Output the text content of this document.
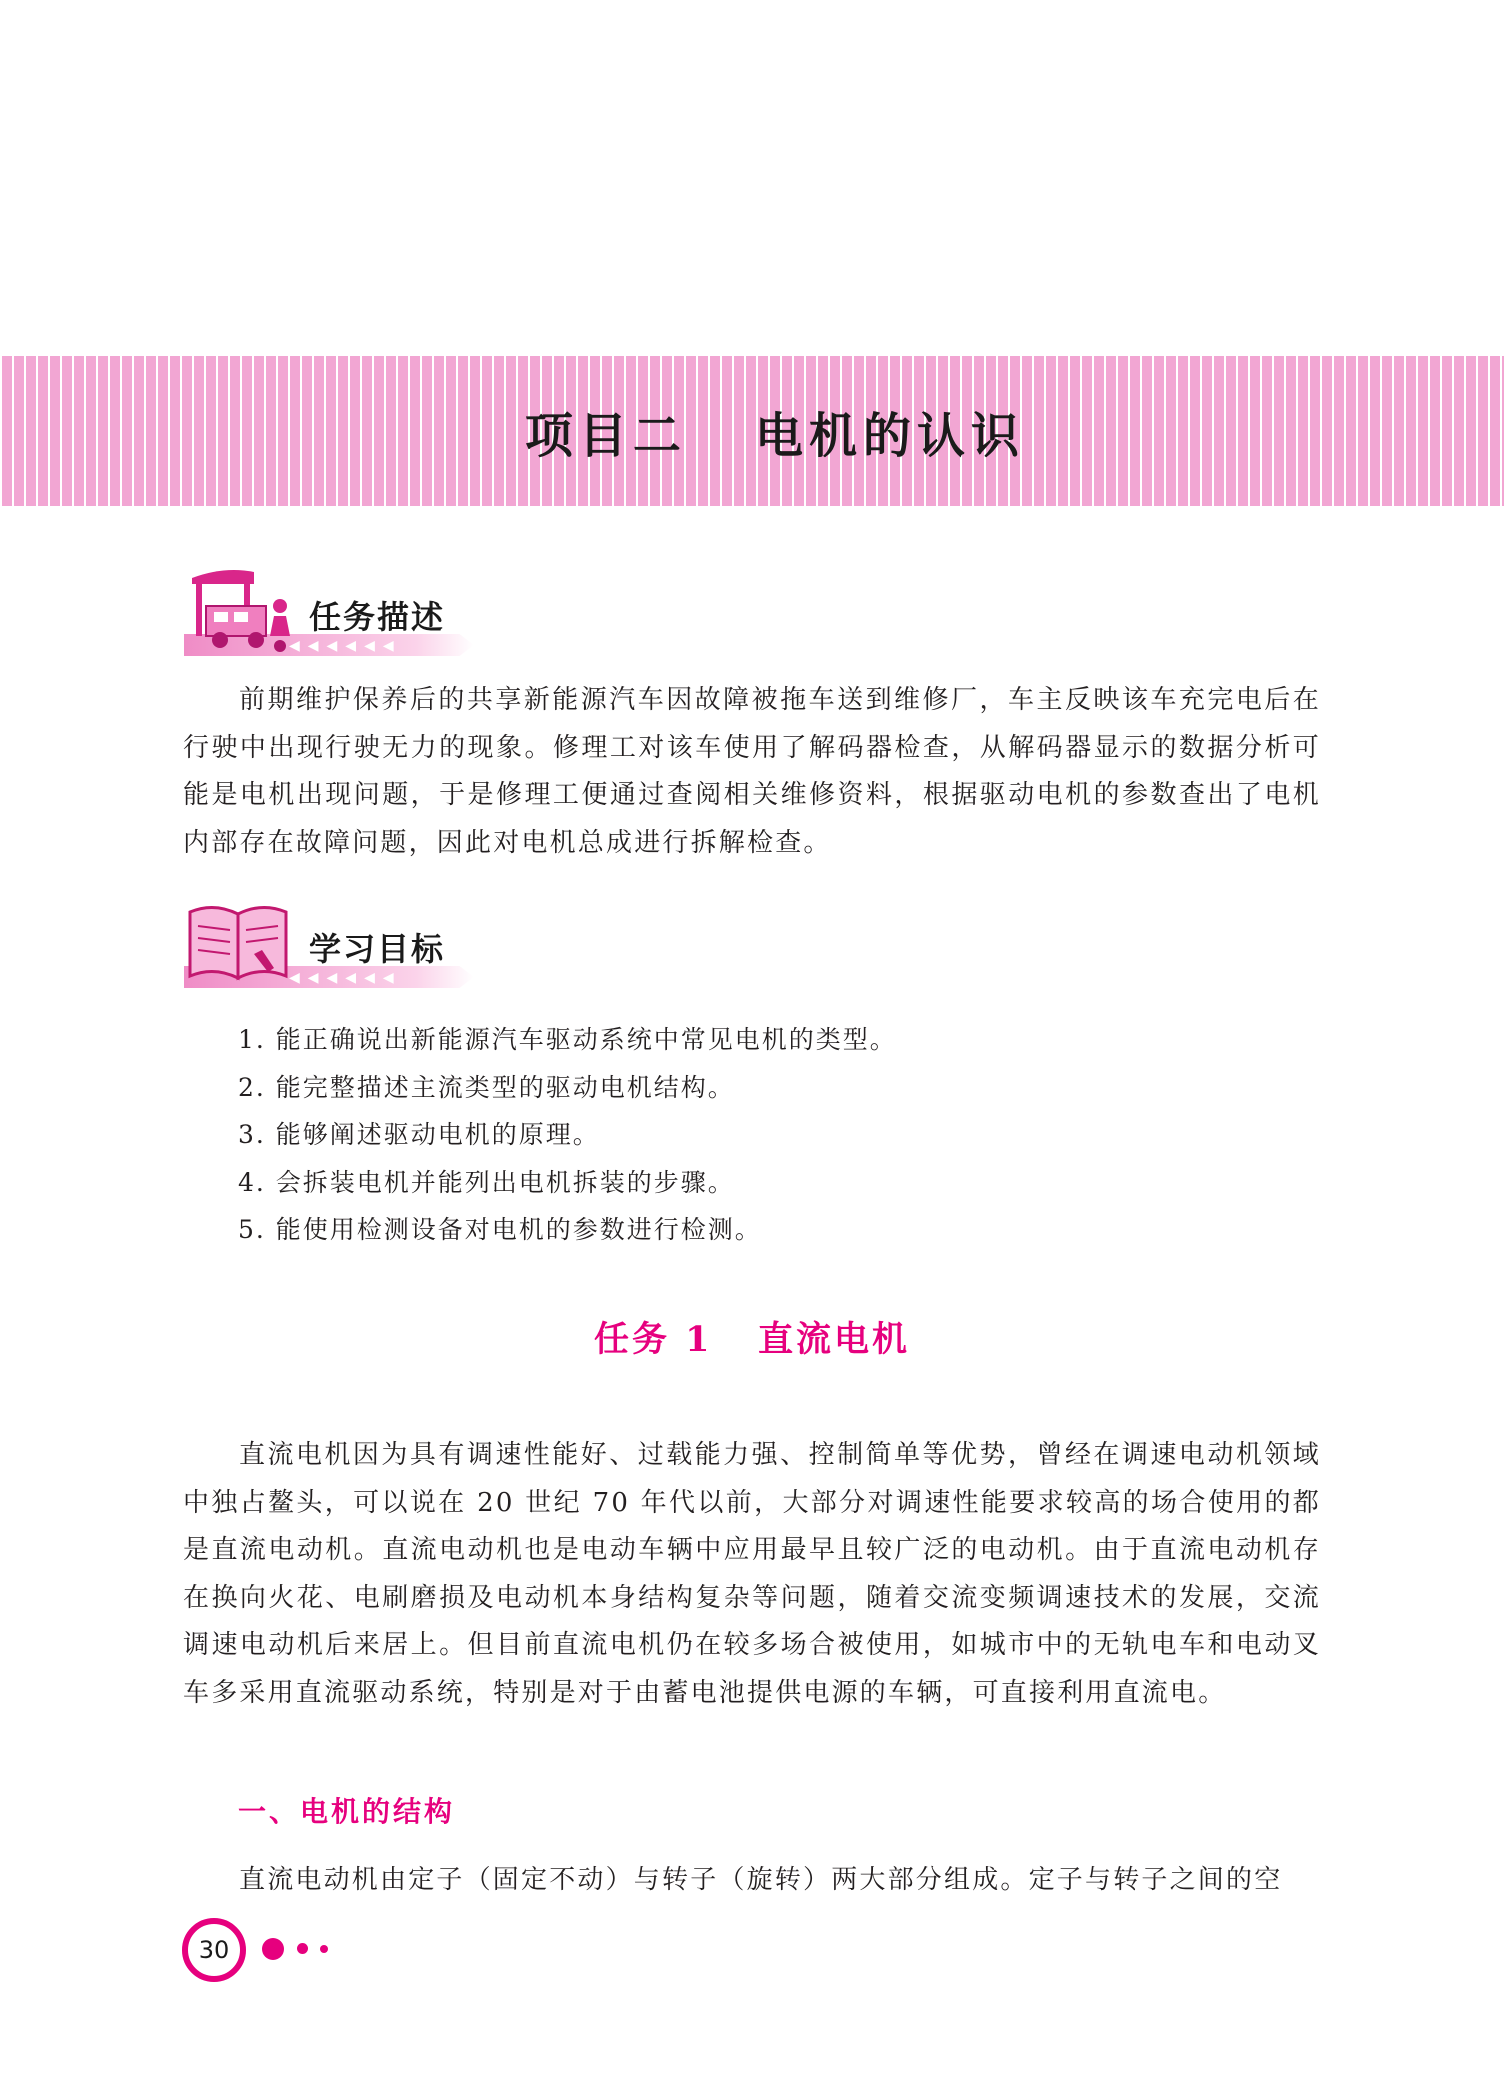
项目二   电机的认识
◀◀◀◀◀◀
任务描述

前期维护保养后的共享新能源汽车因故障被拖车送到维修厂，车主反映该车充完电后在行驶中出现行驶无力的现象。修理工对该车使用了解码器检查，从解码器显示的数据分析可能是电机出现问题，于是修理工便通过查阅相关维修资料，根据驱动电机的参数查出了电机内部存在故障问题，因此对电机总成进行拆解检查。

◀◀◀◀◀◀
学习目标
1. 能正确说出新能源汽车驱动系统中常见电机的类型。
2. 能完整描述主流类型的驱动电机结构。
3. 能够阐述驱动电机的原理。
4. 会拆装电机并能列出电机拆装的步骤。
5. 能使用检测设备对电机的参数进行检测。
任务 1   直流电机

直流电机因为具有调速性能好、过载能力强、控制简单等优势，曾经在调速电动机领域中独占鳌头，可以说在 20 世纪 70 年代以前，大部分对调速性能要求较高的场合使用的都是直流电动机。直流电动机也是电动车辆中应用最早且较广泛的电动机。由于直流电动机存在换向火花、电刷磨损及电动机本身结构复杂等问题，随着交流变频调速技术的发展，交流调速电动机后来居上。但目前直流电机仍在较多场合被使用，如城市中的无轨电车和电动叉车多采用直流驱动系统，特别是对于由蓄电池提供电源的车辆，可直接利用直流电。

一、电机的结构

直流电动机由定子（固定不动）与转子（旋转）两大部分组成。定子与转子之间的空

30
